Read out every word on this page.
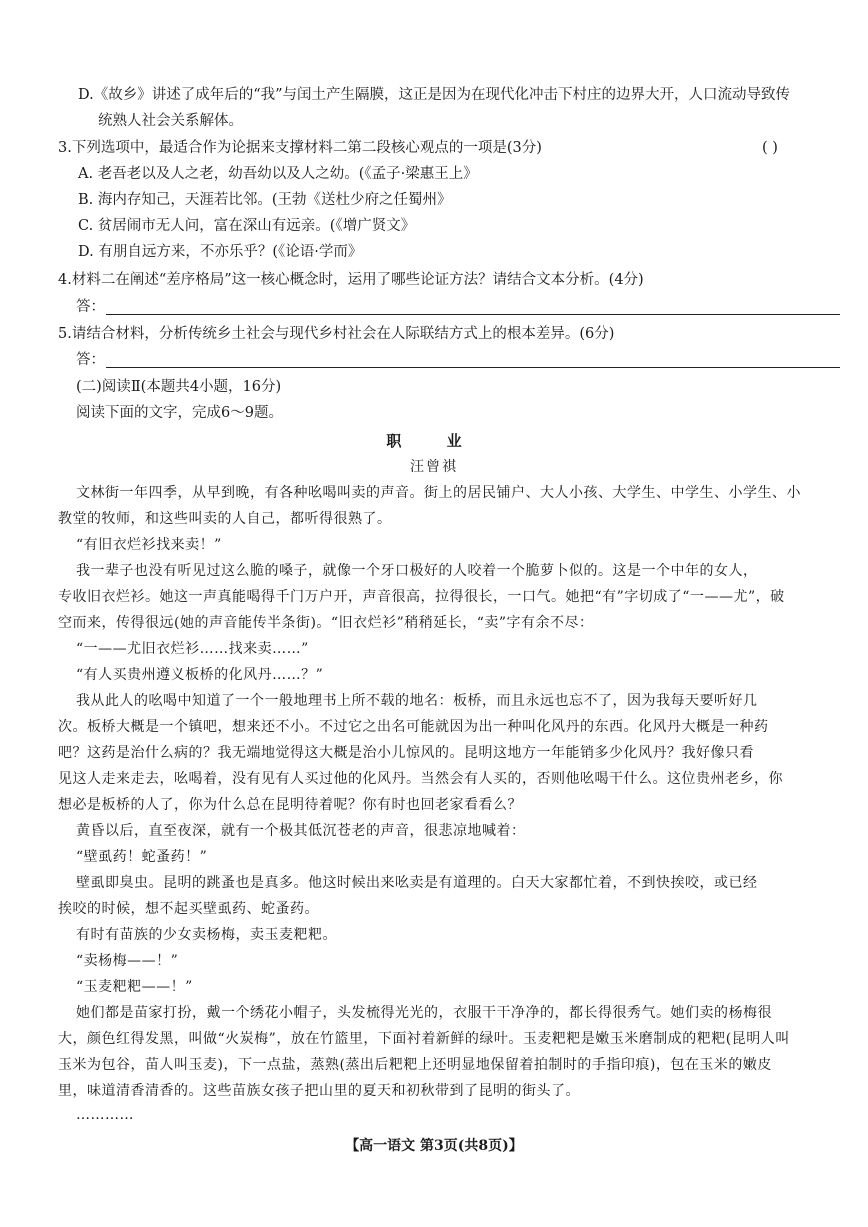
D.《故乡》讲述了成年后的“我”与闰土产生隔膜，这正是因为在现代化冲击下村庄的边界大开，人口流动导致传
统熟人社会关系解体。
3.下列选项中，最适合作为论据来支撑材料二第二段核心观点的一项是(3分)	( )
A. 老吾老以及人之老，幼吾幼以及人之幼。(《孟子·梁惠王上》
B. 海内存知己，天涯若比邻。(王勃《送杜少府之任蜀州》
C. 贫居闹市无人问，富在深山有远亲。(《增广贤文》
D. 有朋自远方来，不亦乐乎？(《论语·学而》
4.材料二在阐述“差序格局”这一核心概念时，运用了哪些论证方法？请结合文本分析。(4分)
答：
5.请结合材料，分析传统乡土社会与现代乡村社会在人际联结方式上的根本差异。(6分)
答：
(二)阅读Ⅱ(本题共4小题，16分)
阅读下面的文字，完成6～9题。
职 业
汪曾祺
文林街一年四季，从早到晚，有各种吆喝叫卖的声音。街上的居民铺户、大人小孩、大学生、中学生、小学生、小
教堂的牧师，和这些叫卖的人自己，都听得很熟了。
“有旧衣烂衫找来卖！”
我一辈子也没有听见过这么脆的嗓子，就像一个牙口极好的人咬着一个脆萝卜似的。这是一个中年的女人，
专收旧衣烂衫。她这一声真能喝得千门万户开，声音很高，拉得很长，一口气。她把“有”字切成了“一——尤”，破
空而来，传得很远(她的声音能传半条街)。“旧衣烂衫”稍稍延长，“卖”字有余不尽：
“一——尤旧衣烂衫……找来卖……”
“有人买贵州遵义板桥的化风丹……？”
我从此人的吆喝中知道了一个一般地理书上所不载的地名：板桥，而且永远也忘不了，因为我每天要听好几
次。板桥大概是一个镇吧，想来还不小。不过它之出名可能就因为出一种叫化风丹的东西。化风丹大概是一种药
吧？这药是治什么病的？我无端地觉得这大概是治小儿惊风的。昆明这地方一年能销多少化风丹？我好像只看
见这人走来走去，吆喝着，没有见有人买过他的化风丹。当然会有人买的，否则他吆喝干什么。这位贵州老乡，你
想必是板桥的人了，你为什么总在昆明待着呢？你有时也回老家看看么？
黄昏以后，直至夜深，就有一个极其低沉苍老的声音，很悲凉地喊着：
“壁虱药！蛇蚤药！”
壁虱即臭虫。昆明的跳蚤也是真多。他这时候出来吆卖是有道理的。白天大家都忙着，不到快挨咬，或已经
挨咬的时候，想不起买壁虱药、蛇蚤药。
有时有苗族的少女卖杨梅，卖玉麦粑粑。
“卖杨梅——！”
“玉麦粑粑——！”
她们都是苗家打扮，戴一个绣花小帽子，头发梳得光光的，衣服干干净净的，都长得很秀气。她们卖的杨梅很
大，颜色红得发黑，叫做“火炭梅”，放在竹篮里，下面衬着新鲜的绿叶。玉麦粑粑是嫩玉米磨制成的粑粑(昆明人叫
玉米为包谷，苗人叫玉麦)，下一点盐，蒸熟(蒸出后粑粑上还明显地保留着拍制时的手指印痕)，包在玉米的嫩皮
里，味道清香清香的。这些苗族女孩子把山里的夏天和初秋带到了昆明的街头了。
…………
【高一语文 第3页(共8页)】
